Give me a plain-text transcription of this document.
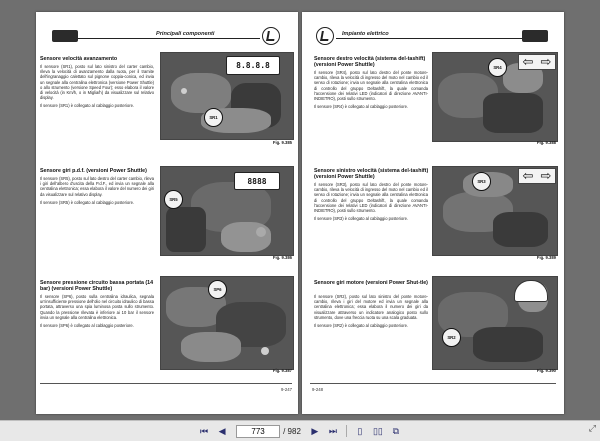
Principali componenti
Sensore velocità avanzamento

Il sensore (SR1), posto sul lato sinistro del carter cambio, rileva la velocità di avanzamento dalla ruota, per il tramite dell'ingranaggio calettato sul pignone coppia-conica, ed invia un segnale alla centralina elettronica (versione Power Shuttle) o allo strumento (versione Speed Four); esso elabora il valore di velocità (in Km/h, o in Miglia/h) da visualizzare sul relativo display.

Il sensore (SR1) è collegato al cablaggio posteriore.

8.8.8.8
SR1
Fig. 9.385
Sensore giri p.d.f. (versioni Power Shuttle)

Il sensore (SR5), posto sul lato destro del carter cambio, rileva i giri dell'albero d'uscita della P.d.F., ed invia un segnale alla centralina elettronica; essa elabora il valore del numero dei giri da visualizzare sul relativo display.

Il sensore (SR5) è collegato al cablaggio posteriore.

8888
SR5
Fig. 9.386
Sensore pressione circuito bassa portata (14 bar) (versioni Power Shuttle)

Il sensore (SP6), posto sulla centralina idraulica, segnala un'insufficiente pressione dell'olio nel circuito idraulico di bassa portata, attraverso una spia luminosa posta sullo strumento. Quando la pressione rilevata è inferiore ai 10 bar il sensore invia un segnale alla centralina elettronica.

Il sensore (SP6) è collegato al cablaggio posteriore.

SP6
Fig. 9.387
9-247
Impianto elettrico
Sensore destro velocità (sistema del-tashift) (versioni Power Shuttle)

Il sensore (SR4), posto sul lato destro del ponte motore-cambio, rileva la velocità di ingresso del moto nel cambio ed il senso di rotazione; invia un segnale alla centralina elettronica di controllo del gruppo Deltashift, la quale comanda l'accensione dei relativi LED (indicatori di direzione AVANTI-INDIETRO), posti sullo strumento.

Il sensore (SR4) è collegato al cablaggio posteriore.

⇦ ⇨
SR4
Fig. 9.388
Sensore sinistro velocità (sistema del-tashift) (versioni Power Shuttle)

Il sensore (SR3), posto sul lato destro del ponte motore-cambio, rileva la velocità di ingresso del moto nel cambio ed il senso di rotazione; invia un segnale alla centralina elettronica di controllo del gruppo Deltashift, la quale comanda l'accensione dei relativi LED (indicatori di direzione AVANTI-INDIETRO), posti sullo strumento.

Il sensore (SR3) è collegato al cablaggio posteriore.

⇦ ⇨
SR3
Fig. 9.389
Sensore giri motore (versioni Power Shut-tle)

Il sensore (SR2), posto sul lato sinistro del ponte motore-cambio, rileva i giri del motore ed invia un segnale alla centralina elettronica; essa elabora il numero dei giri da visualizzare attraverso un indicatore analogico posto sullo strumento, dove una freccia ruota su una scala graduata.

Il sensore (SR2) è collegato al cablaggio posteriore.

SR2
Fig. 9.390
9-248
⏮	◀
773	/ 982	▶	⏭	▯	▯▯	⧉	⤢
